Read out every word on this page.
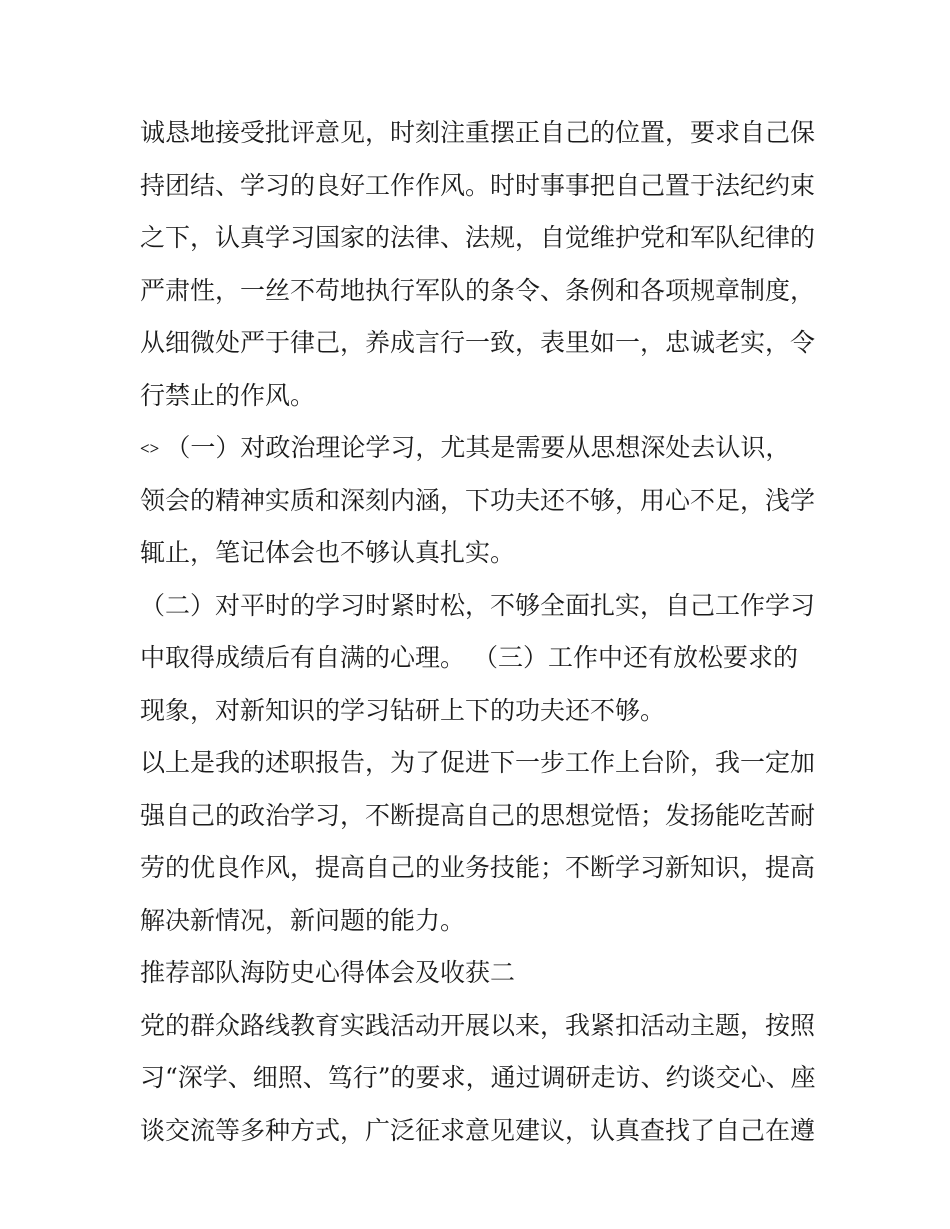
诚恳地接受批评意见，时刻注重摆正自己的位置，要求自己保
持团结、学习的良好工作作风。时时事事把自己置于法纪约束
之下，认真学习国家的法律、法规，自觉维护党和军队纪律的
严肃性，一丝不苟地执行军队的条令、条例和各项规章制度，
从细微处严于律己，养成言行一致，表里如一，忠诚老实，令
行禁止的作风。
<> （一）对政治理论学习，尤其是需要从思想深处去认识，
领会的精神实质和深刻内涵，下功夫还不够，用心不足，浅学
辄止，笔记体会也不够认真扎实。
（二）对平时的学习时紧时松，不够全面扎实，自己工作学习
中取得成绩后有自满的心理。 （三）工作中还有放松要求的
现象，对新知识的学习钻研上下的功夫还不够。
以上是我的述职报告，为了促进下一步工作上台阶，我一定加
强自己的政治学习，不断提高自己的思想觉悟；发扬能吃苦耐
劳的优良作风，提高自己的业务技能；不断学习新知识，提高
解决新情况，新问题的能力。
推荐部队海防史心得体会及收获二
党的群众路线教育实践活动开展以来，我紧扣活动主题，按照
习“深学、细照、笃行”的要求，通过调研走访、约谈交心、座
谈交流等多种方式，广泛征求意见建议，认真查找了自己在遵
